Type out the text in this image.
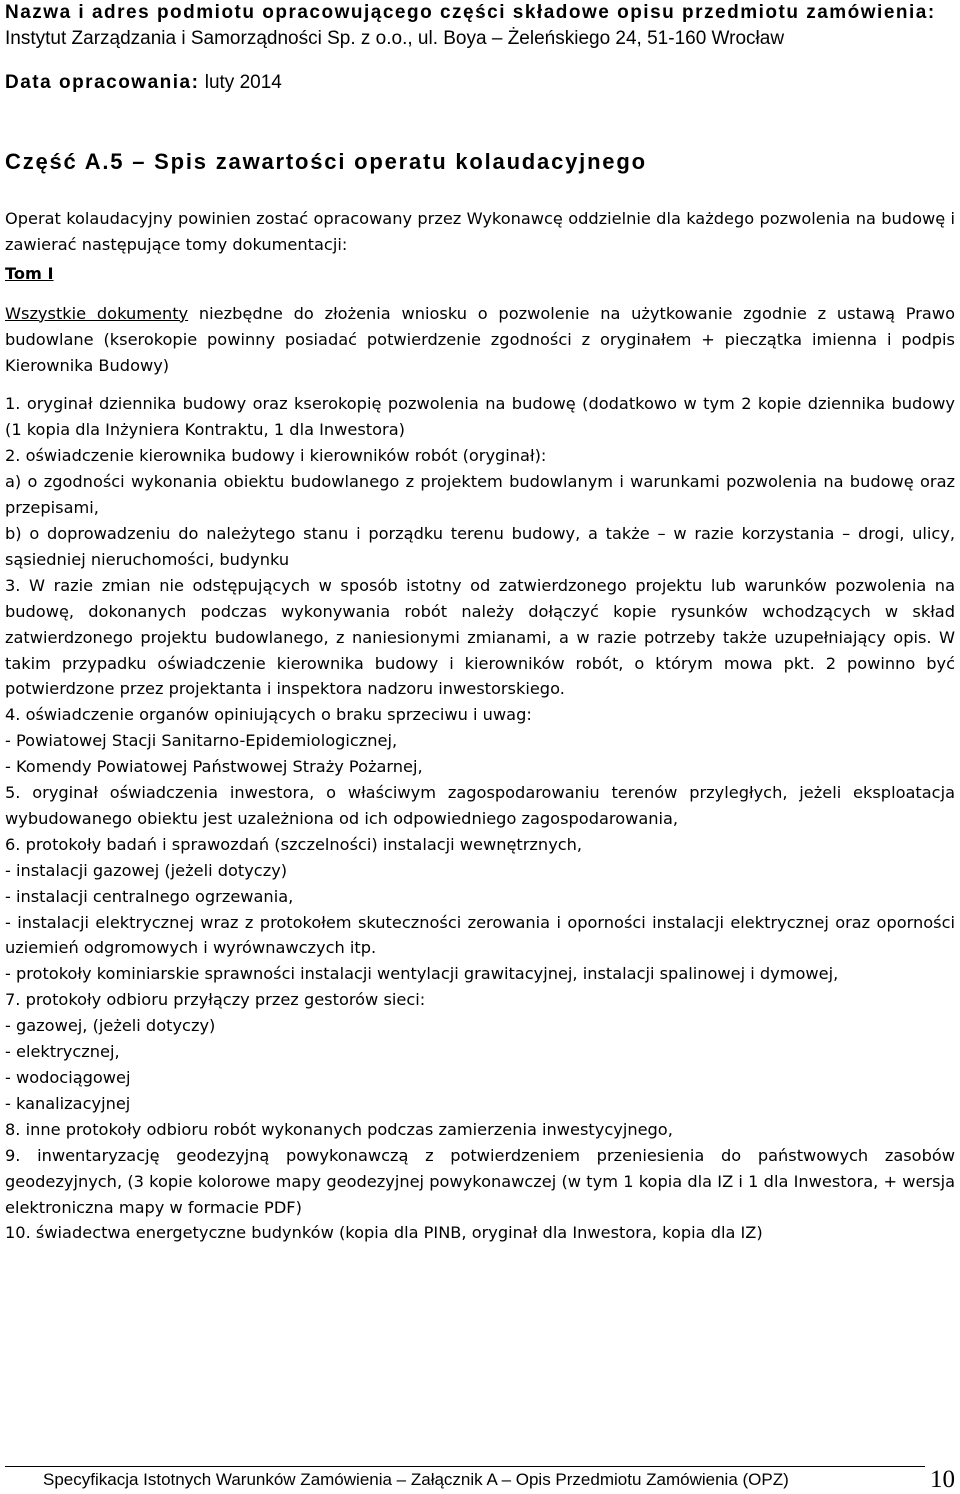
Nazwa i adres podmiotu opracowującego części składowe opisu przedmiotu zamówienia: Instytut Zarządzania i Samorządności Sp. z o.o., ul. Boya – Żeleńskiego 24, 51-160 Wrocław

Data opracowania: luty 2014

Część A.5 – Spis zawartości operatu kolaudacyjnego

Operat kolaudacyjny powinien zostać opracowany przez Wykonawcę oddzielnie dla każdego pozwolenia na budowę i zawierać następujące tomy dokumentacji:

Tom I

Wszystkie dokumenty niezbędne do złożenia wniosku o pozwolenie na użytkowanie zgodnie z ustawą Prawo budowlane (kserokopie powinny posiadać potwierdzenie zgodności z oryginałem + pieczątka imienna i podpis Kierownika Budowy)

1. oryginał dziennika budowy oraz kserokopię pozwolenia na budowę (dodatkowo w tym 2 kopie dziennika budowy (1 kopia dla Inżyniera Kontraktu, 1 dla Inwestora)

2. oświadczenie kierownika budowy i kierowników robót (oryginał):

a) o zgodności wykonania obiektu budowlanego z projektem budowlanym i warunkami pozwolenia na budowę oraz przepisami,

b) o doprowadzeniu do należytego stanu i porządku terenu budowy, a także – w razie korzystania – drogi, ulicy, sąsiedniej nieruchomości, budynku

3. W razie zmian nie odstępujących w sposób istotny od zatwierdzonego projektu lub warunków pozwolenia na budowę, dokonanych podczas wykonywania robót należy dołączyć kopie rysunków wchodzących w skład zatwierdzonego projektu budowlanego, z naniesionymi zmianami, a w razie potrzeby także uzupełniający opis. W takim przypadku oświadczenie kierownika budowy i kierowników robót, o którym mowa pkt. 2 powinno być potwierdzone przez projektanta i inspektora nadzoru inwestorskiego.

4. oświadczenie organów opiniujących o braku sprzeciwu i uwag:

- Powiatowej Stacji Sanitarno-Epidemiologicznej,

- Komendy Powiatowej Państwowej Straży Pożarnej,

5. oryginał oświadczenia inwestora, o właściwym zagospodarowaniu terenów przyległych, jeżeli eksploatacja wybudowanego obiektu jest uzależniona od ich odpowiedniego zagospodarowania,

6. protokoły badań i sprawozdań (szczelności) instalacji wewnętrznych,

- instalacji gazowej (jeżeli dotyczy)

- instalacji centralnego ogrzewania,

- instalacji elektrycznej wraz z protokołem skuteczności zerowania i oporności instalacji elektrycznej oraz oporności uziemień odgromowych i wyrównawczych itp.

- protokoły kominiarskie sprawności instalacji wentylacji grawitacyjnej, instalacji spalinowej i dymowej,

7. protokoły odbioru przyłączy przez gestorów sieci:

- gazowej, (jeżeli dotyczy)

- elektrycznej,

- wodociągowej

- kanalizacyjnej

8. inne protokoły odbioru robót wykonanych podczas zamierzenia inwestycyjnego,

9. inwentaryzację geodezyjną powykonawczą z potwierdzeniem przeniesienia do państwowych zasobów geodezyjnych, (3 kopie kolorowe mapy geodezyjnej powykonawczej (w tym 1 kopia dla IZ i 1 dla Inwestora, + wersja elektroniczna mapy w formacie PDF)

10. świadectwa energetyczne budynków (kopia dla PINB, oryginał dla Inwestora, kopia dla IZ)

Specyfikacja Istotnych Warunków Zamówienia – Załącznik A – Opis Przedmiotu Zamówienia (OPZ)	10
